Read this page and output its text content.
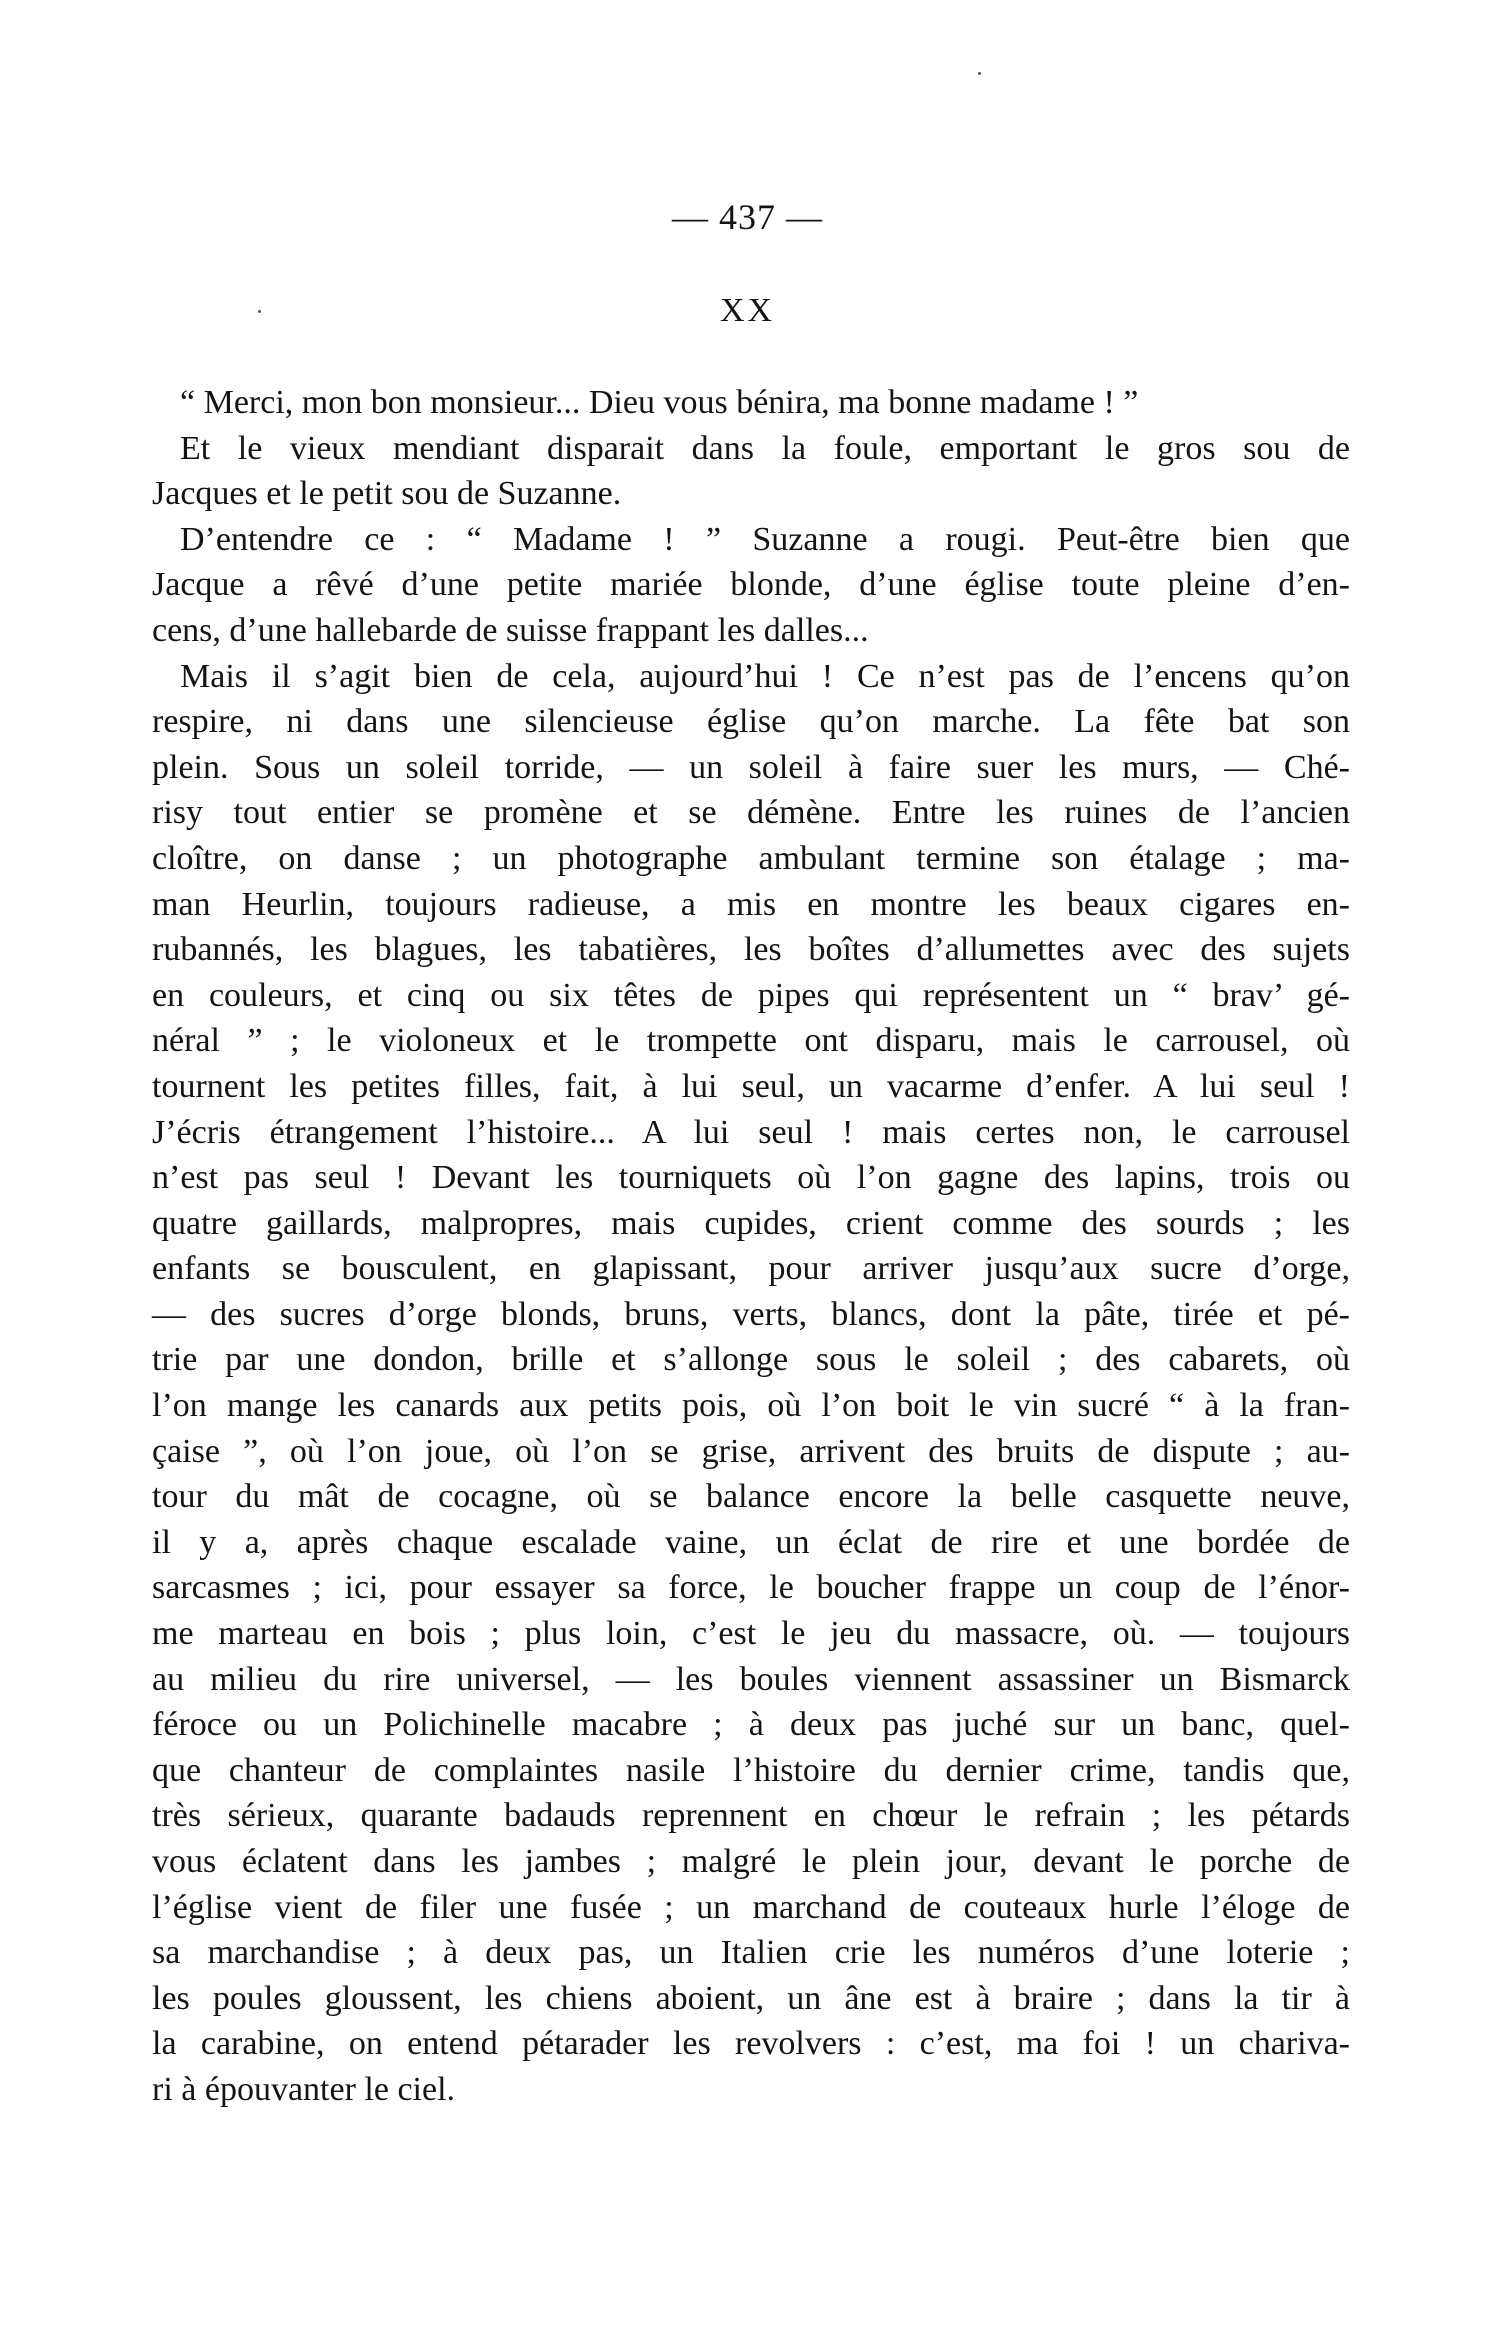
— 437 —
XX
“ Merci, mon bon monsieur... Dieu vous bénira, ma bonne madame ! ”
Et le vieux mendiant disparait dans la foule, emportant le gros sou de
Jacques et le petit sou de Suzanne.
D’entendre ce : “ Madame ! ” Suzanne a rougi. Peut-être bien que
Jacque a rêvé d’une petite mariée blonde, d’une église toute pleine d’en-
cens, d’une hallebarde de suisse frappant les dalles...
Mais il s’agit bien de cela, aujourd’hui ! Ce n’est pas de l’encens qu’on
respire, ni dans une silencieuse église qu’on marche. La fête bat son
plein. Sous un soleil torride, — un soleil à faire suer les murs, — Ché-
risy tout entier se promène et se démène. Entre les ruines de l’ancien
cloître, on danse ; un photographe ambulant termine son étalage ; ma-
man Heurlin, toujours radieuse, a mis en montre les beaux cigares en-
rubannés, les blagues, les tabatières, les boîtes d’allumettes avec des sujets
en couleurs, et cinq ou six têtes de pipes qui représentent un “ brav’ gé-
néral ” ; le violoneux et le trompette ont disparu, mais le carrousel, où
tournent les petites filles, fait, à lui seul, un vacarme d’enfer. A lui seul !
J’écris étrangement l’histoire... A lui seul ! mais certes non, le carrousel
n’est pas seul ! Devant les tourniquets où l’on gagne des lapins, trois ou
quatre gaillards, malpropres, mais cupides, crient comme des sourds ; les
enfants se bousculent, en glapissant, pour arriver jusqu’aux sucre d’orge,
— des sucres d’orge blonds, bruns, verts, blancs, dont la pâte, tirée et pé-
trie par une dondon, brille et s’allonge sous le soleil ; des cabarets, où
l’on mange les canards aux petits pois, où l’on boit le vin sucré “ à la fran-
çaise ”, où l’on joue, où l’on se grise, arrivent des bruits de dispute ; au-
tour du mât de cocagne, où se balance encore la belle casquette neuve,
il y a, après chaque escalade vaine, un éclat de rire et une bordée de
sarcasmes ; ici, pour essayer sa force, le boucher frappe un coup de l’énor-
me marteau en bois ; plus loin, c’est le jeu du massacre, où. — toujours
au milieu du rire universel, — les boules viennent assassiner un Bismarck
féroce ou un Polichinelle macabre ; à deux pas juché sur un banc, quel-
que chanteur de complaintes nasile l’histoire du dernier crime, tandis que,
très sérieux, quarante badauds reprennent en chœur le refrain ; les pétards
vous éclatent dans les jambes ; malgré le plein jour, devant le porche de
l’église vient de filer une fusée ; un marchand de couteaux hurle l’éloge de
sa marchandise ; à deux pas, un Italien crie les numéros d’une loterie ;
les poules gloussent, les chiens aboient, un âne est à braire ; dans la tir à
la carabine, on entend pétarader les revolvers : c’est, ma foi ! un chariva-
ri à épouvanter le ciel.
